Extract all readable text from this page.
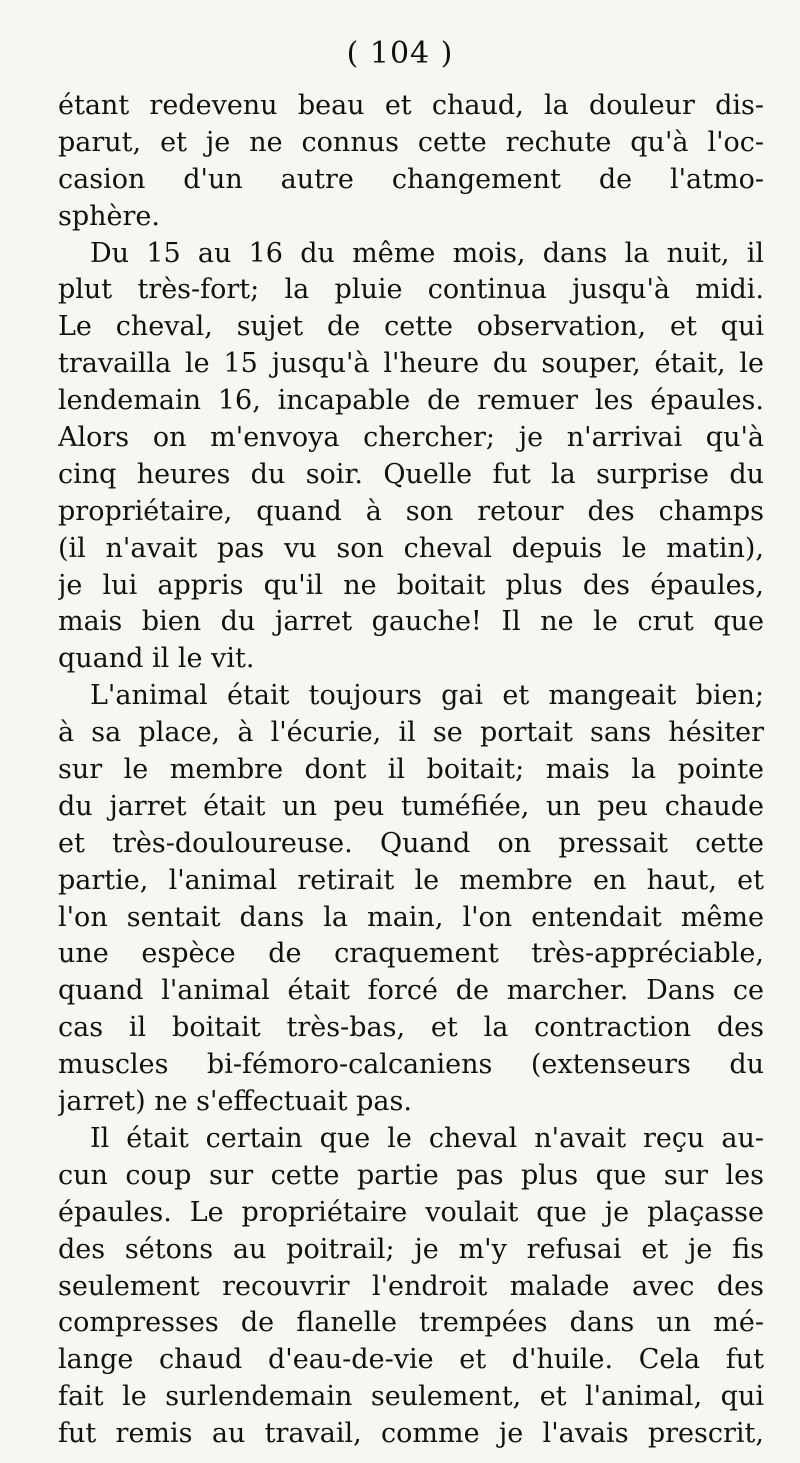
( 104 )
étant redevenu beau et chaud, la douleur dis-
parut, et je ne connus cette rechute qu'à l'oc-
casion d'un autre changement de l'atmo-
sphère.
Du 15 au 16 du même mois, dans la nuit, il
plut très-fort; la pluie continua jusqu'à midi.
Le cheval, sujet de cette observation, et qui
travailla le 15 jusqu'à l'heure du souper, était, le
lendemain 16, incapable de remuer les épaules.
Alors on m'envoya chercher; je n'arrivai qu'à
cinq heures du soir. Quelle fut la surprise du
propriétaire, quand à son retour des champs
(il n'avait pas vu son cheval depuis le matin),
je lui appris qu'il ne boitait plus des épaules,
mais bien du jarret gauche! Il ne le crut que
quand il le vit.
L'animal était toujours gai et mangeait bien;
à sa place, à l'écurie, il se portait sans hésiter
sur le membre dont il boitait; mais la pointe
du jarret était un peu tuméfiée, un peu chaude
et très-douloureuse. Quand on pressait cette
partie, l'animal retirait le membre en haut, et
l'on sentait dans la main, l'on entendait même
une espèce de craquement très-appréciable,
quand l'animal était forcé de marcher. Dans ce
cas il boitait très-bas, et la contraction des
muscles bi-fémoro-calcaniens (extenseurs du
jarret) ne s'effectuait pas.
Il était certain que le cheval n'avait reçu au-
cun coup sur cette partie pas plus que sur les
épaules. Le propriétaire voulait que je plaçasse
des sétons au poitrail; je m'y refusai et je fis
seulement recouvrir l'endroit malade avec des
compresses de flanelle trempées dans un mé-
lange chaud d'eau-de-vie et d'huile. Cela fut
fait le surlendemain seulement, et l'animal, qui
fut remis au travail, comme je l'avais prescrit,
